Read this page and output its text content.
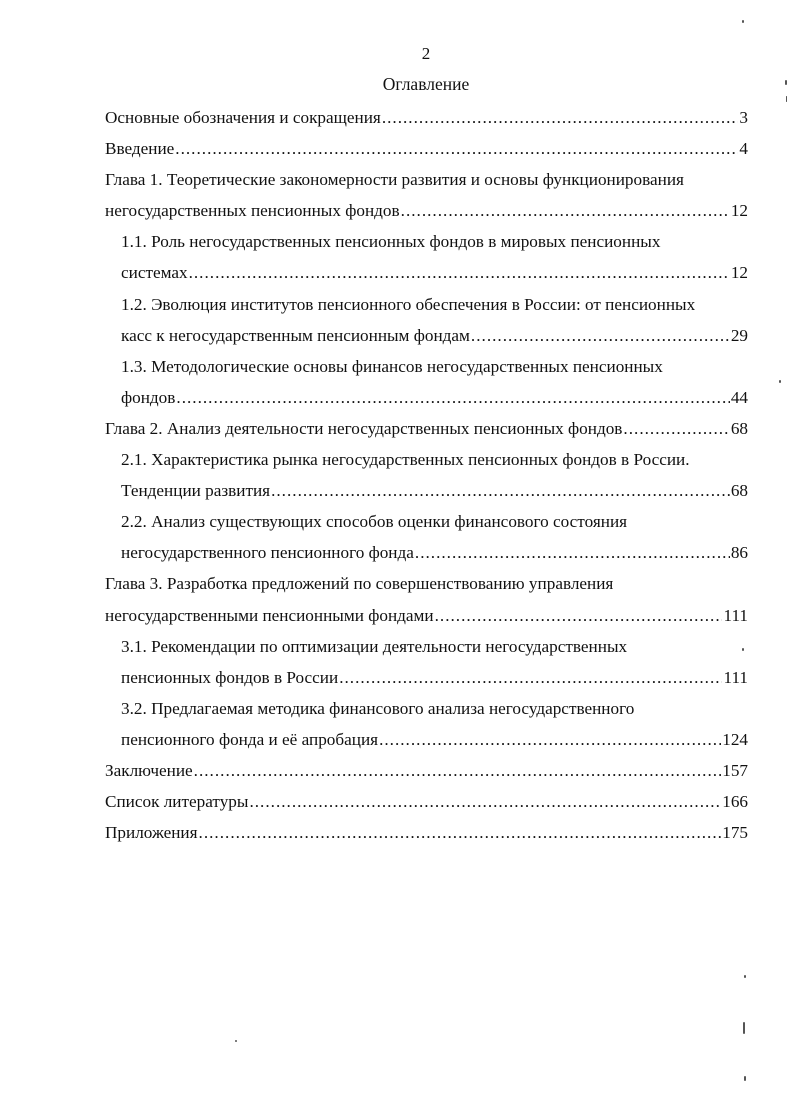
2
Оглавление
Основные обозначения и сокращения .....	3
Введение .....	4
Глава 1. Теоретические закономерности развития и основы функционирования
негосударственных пенсионных фондов .....	12
1.1. Роль негосударственных пенсионных фондов в мировых пенсионных
системах .....	12
1.2. Эволюция институтов пенсионного обеспечения в России: от пенсионных
касс к негосударственным пенсионным фондам .....	29
1.3. Методологические основы финансов негосударственных пенсионных
фондов .....	44
Глава 2. Анализ деятельности негосударственных пенсионных фондов .....	68
2.1. Характеристика рынка негосударственных пенсионных фондов в России.
Тенденции развития .....	68
2.2. Анализ существующих способов оценки финансового состояния
негосударственного пенсионного фонда .....	86
Глава 3. Разработка предложений по совершенствованию управления
негосударственными пенсионными фондами .....	111
3.1. Рекомендации по оптимизации деятельности негосударственных
пенсионных фондов в России .....	111
3.2. Предлагаемая методика финансового анализа негосударственного
пенсионного фонда и её апробация .....	124
Заключение .....	157
Список литературы .....	166
Приложения .....	175
